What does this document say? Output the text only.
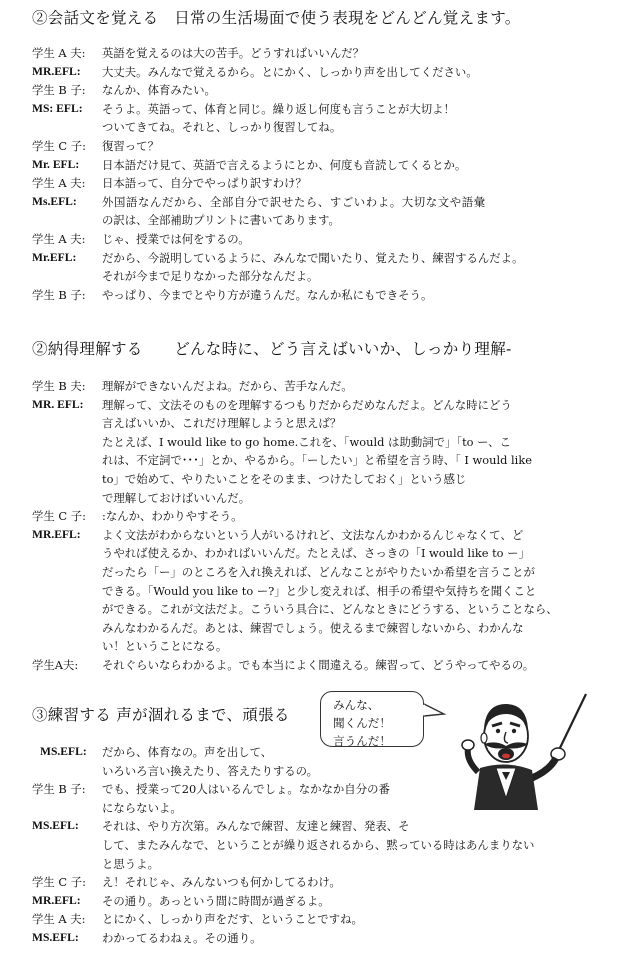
②会話文を覚える　日常の生活場面で使う表現をどんどん覚えます。
学生 A 夫:	英語を覚えるのは大の苦手。どうすればいいんだ？
MR.EFL:	大丈夫。みんなで覚えるから。とにかく、しっかり声を出してください。
学生 B 子:	なんか、体育みたい。
MS: EFL:	そうよ。英語って、体育と同じ。繰り返し何度も言うことが大切よ！
ついてきてね。それと、しっかり復習してね。
学生 C 子:	復習って？
Mr. EFL:	日本語だけ見て、英語で言えるようにとか、何度も音読してくるとか。
学生 A 夫:	日本語って、自分でやっぱり訳すわけ？
Ms.EFL:	外国語なんだから、全部自分で訳せたら、すごいわよ。大切な文や語彙
の訳は、全部補助プリントに書いてあります。
学生 A 夫:	じゃ、授業では何をするの。
Mr.EFL:	だから、今説明しているように、みんなで聞いたり、覚えたり、練習するんだよ。
それが今まで足りなかった部分なんだよ。
学生 B 子:	やっぱり、今までとやり方が違うんだ。なんか私にもできそう。
②納得理解する　　どんな時に、どう言えばいいか、しっかり理解-
学生 B 夫:	理解ができないんだよね。だから、苦手なんだ。
MR. EFL:	理解って、文法そのものを理解するつもりだからだめなんだよ。どんな時にどう
言えばいいか、これだけ理解しようと思えば？
たとえば、I would like to go home.これを、「would は助動詞で」「to ー、こ
れは、不定詞で･･･」とか、やるから。「ーしたい」と希望を言う時、「 I would like
to」で始めて、やりたいことをそのまま、つけたしておく」という感じ
で理解しておけばいいんだ。
学生 C 子:	:なんか、わかりやすそう。
MR.EFL:	よく文法がわからないという人がいるけれど、文法なんかわかるんじゃなくて、ど
うやれば使えるか、わかればいいんだ。たとえば、さっきの「I would like to ー」
だったら「ー」のところを入れ換えれば、どんなことがやりたいか希望を言うことが
できる。「Would you like to ー?」と少し変えれば、相手の希望や気持ちを聞くこと
ができる。これが文法だよ。こういう具合に、どんなときにどうする、ということなら、
みんなわかるんだ。あとは、練習でしょう。使えるまで練習しないから、わかんな
い！ということになる。
学生A夫:	それぐらいならわかるよ。でも本当によく間違える。練習って、どうやってやるの。
③練習する 声が涸れるまで、頑張る
みんな、
聞くんだ！
言うんだ！
MS.EFL:	だから、体育なの。声を出して、
いろいろ言い換えたり、答えたりするの。
学生 B 子:	でも、授業って20人はいるんでしょ。なかなか自分の番
にならないよ。
MS.EFL:	それは、やり方次第。みんなで練習、友達と練習、発表、そ
して、またみんなで、ということが繰り返されるから、黙っている時はあんまりない
と思うよ。
学生 C 子:	え！それじゃ、みんないつも何かしてるわけ。
MR.EFL:	その通り。あっという間に時間が過ぎるよ。
学生 A 夫:	とにかく、しっかり声をだす、ということですね。
MS.EFL:	わかってるわねぇ。その通り。
